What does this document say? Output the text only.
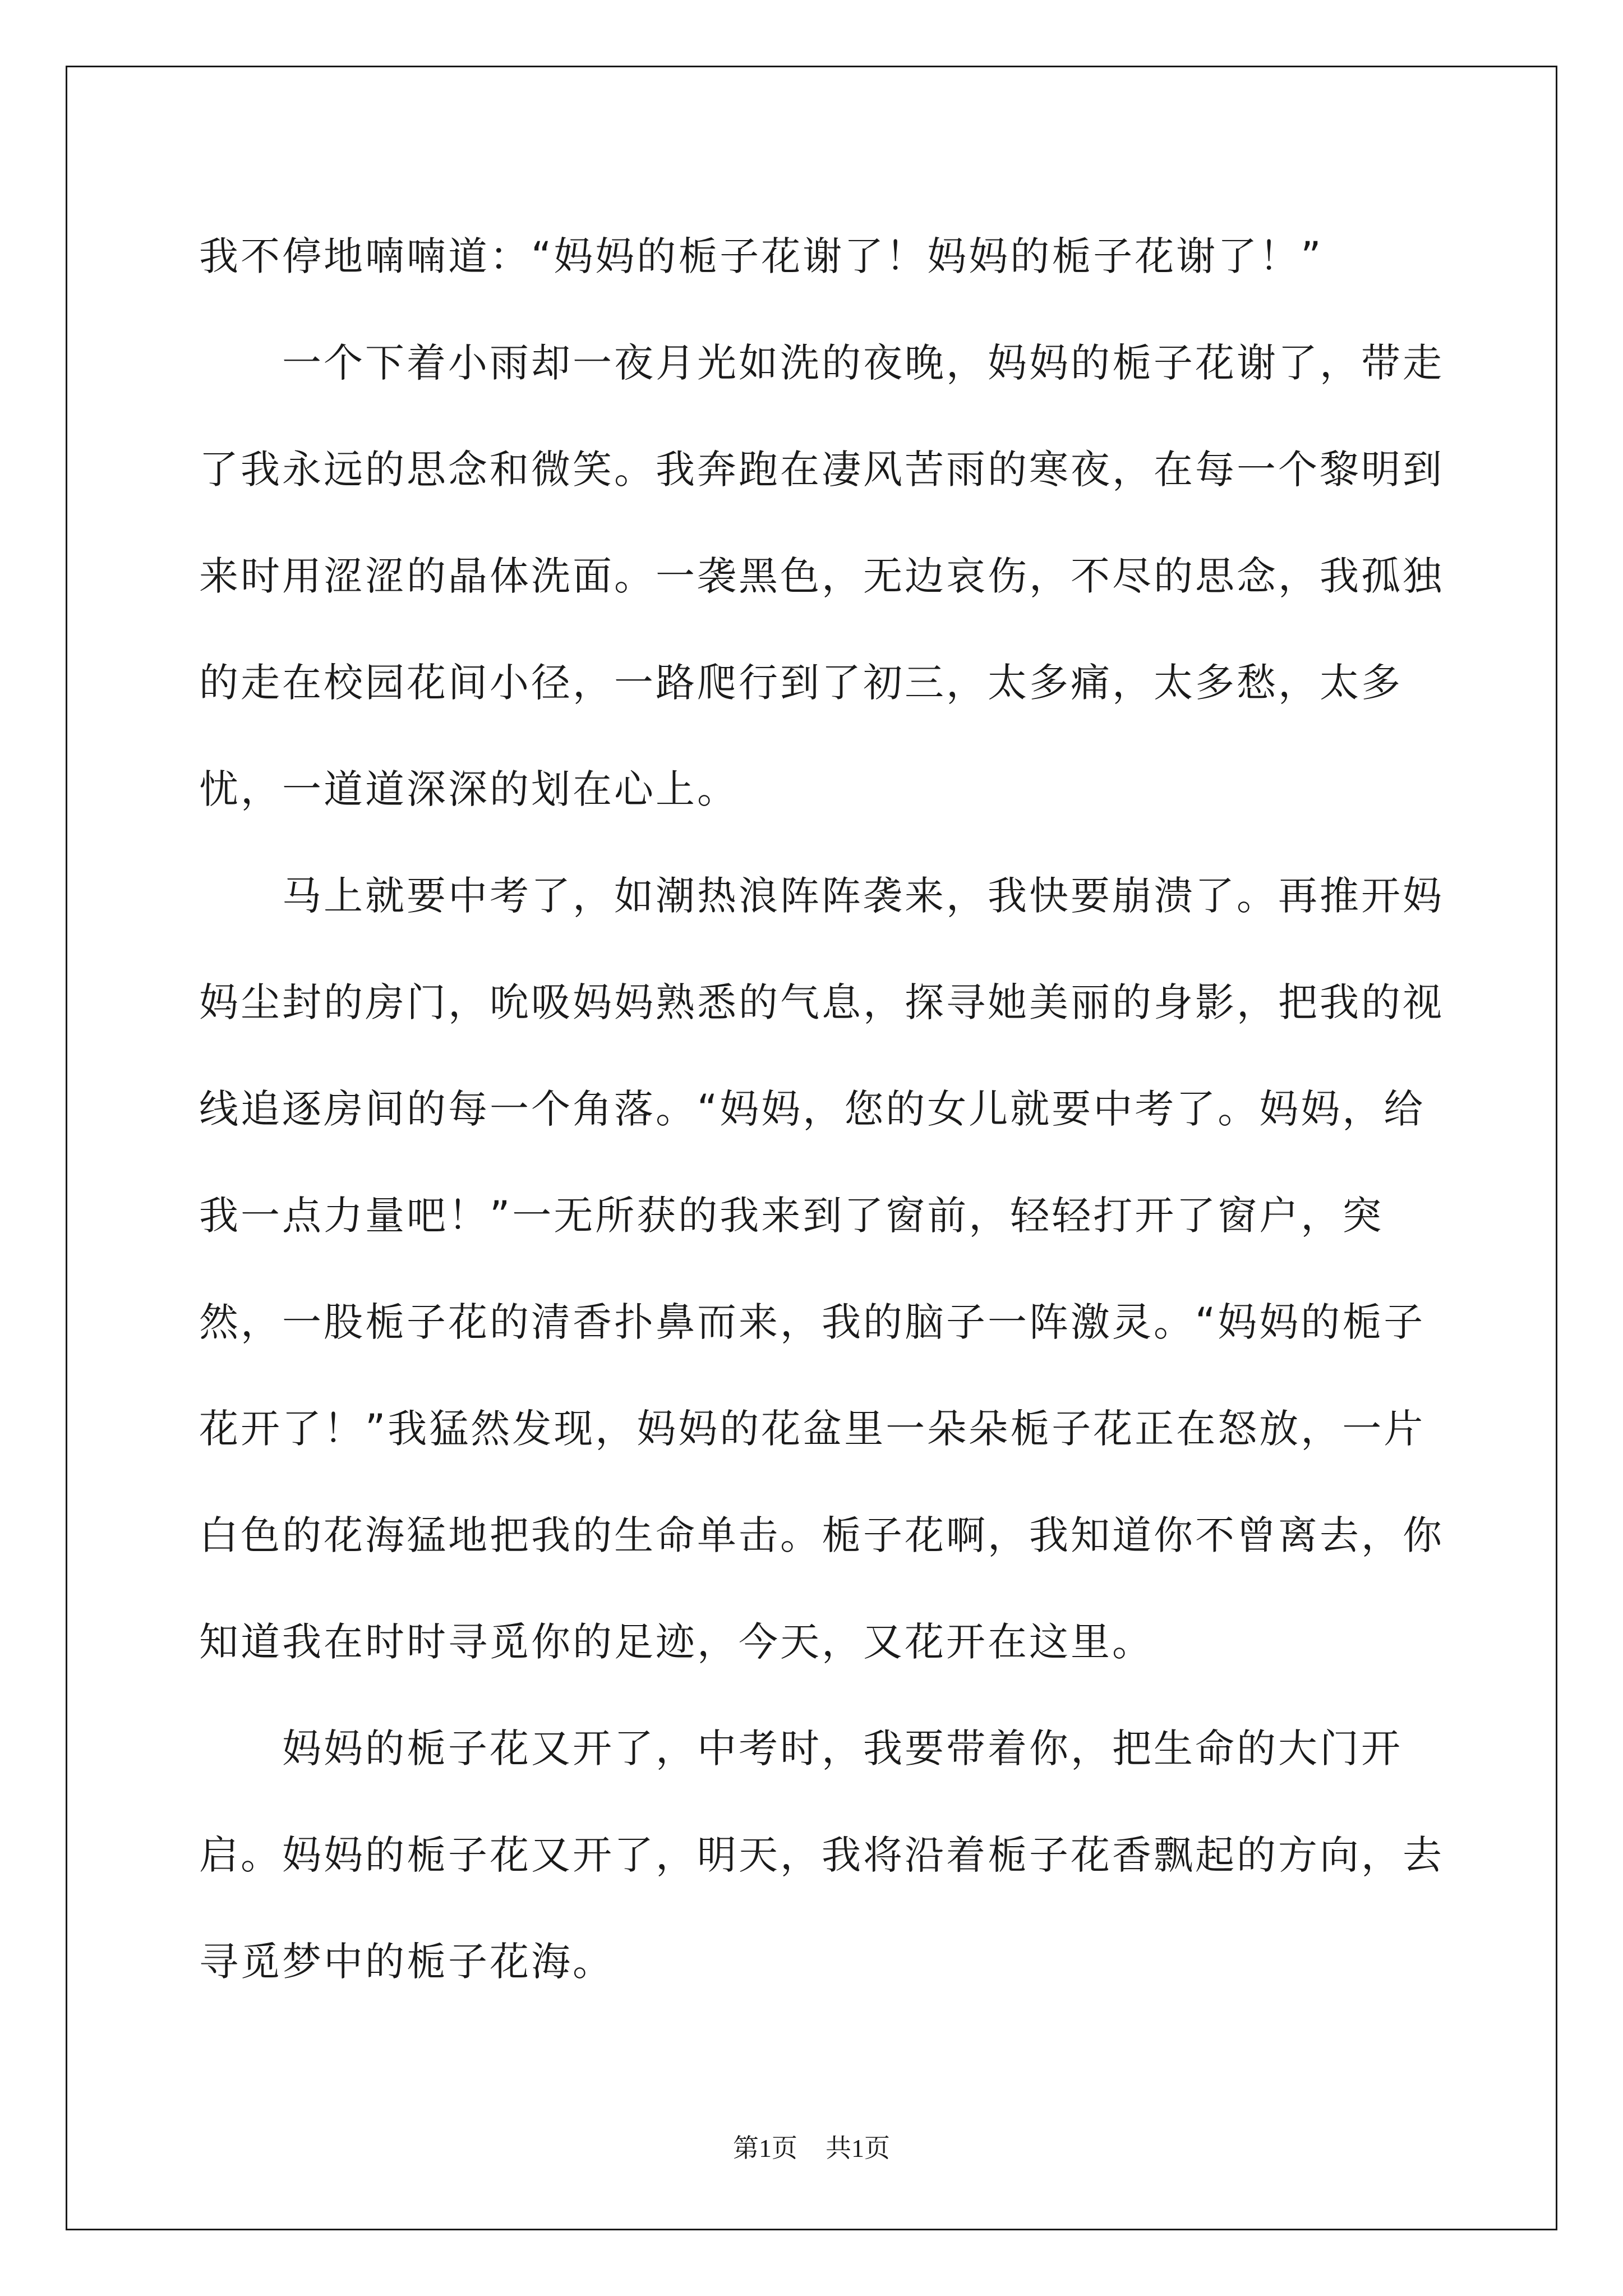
我不停地喃喃道：“妈妈的栀子花谢了！妈妈的栀子花谢了！”

一个下着小雨却一夜月光如洗的夜晚，妈妈的栀子花谢了，带走了我永远的思念和微笑。我奔跑在凄风苦雨的寒夜，在每一个黎明到来时用涩涩的晶体洗面。一袭黑色，无边哀伤，不尽的思念，我孤独的走在校园花间小径，一路爬行到了初三，太多痛，太多愁，太多忧，一道道深深的划在心上。

马上就要中考了，如潮热浪阵阵袭来，我快要崩溃了。再推开妈妈尘封的房门，吮吸妈妈熟悉的气息，探寻她美丽的身影，把我的视线追逐房间的每一个角落。“妈妈，您的女儿就要中考了。妈妈，给我一点力量吧！”一无所获的我来到了窗前，轻轻打开了窗户，突然，一股栀子花的清香扑鼻而来，我的脑子一阵激灵。“妈妈的栀子花开了！”我猛然发现，妈妈的花盆里一朵朵栀子花正在怒放，一片白色的花海猛地把我的生命单击。栀子花啊，我知道你不曾离去，你知道我在时时寻觅你的足迹，今天，又花开在这里。

妈妈的栀子花又开了，中考时，我要带着你，把生命的大门开启。妈妈的栀子花又开了，明天，我将沿着栀子花香飘起的方向，去寻觅梦中的栀子花海。

第1页 共1页
